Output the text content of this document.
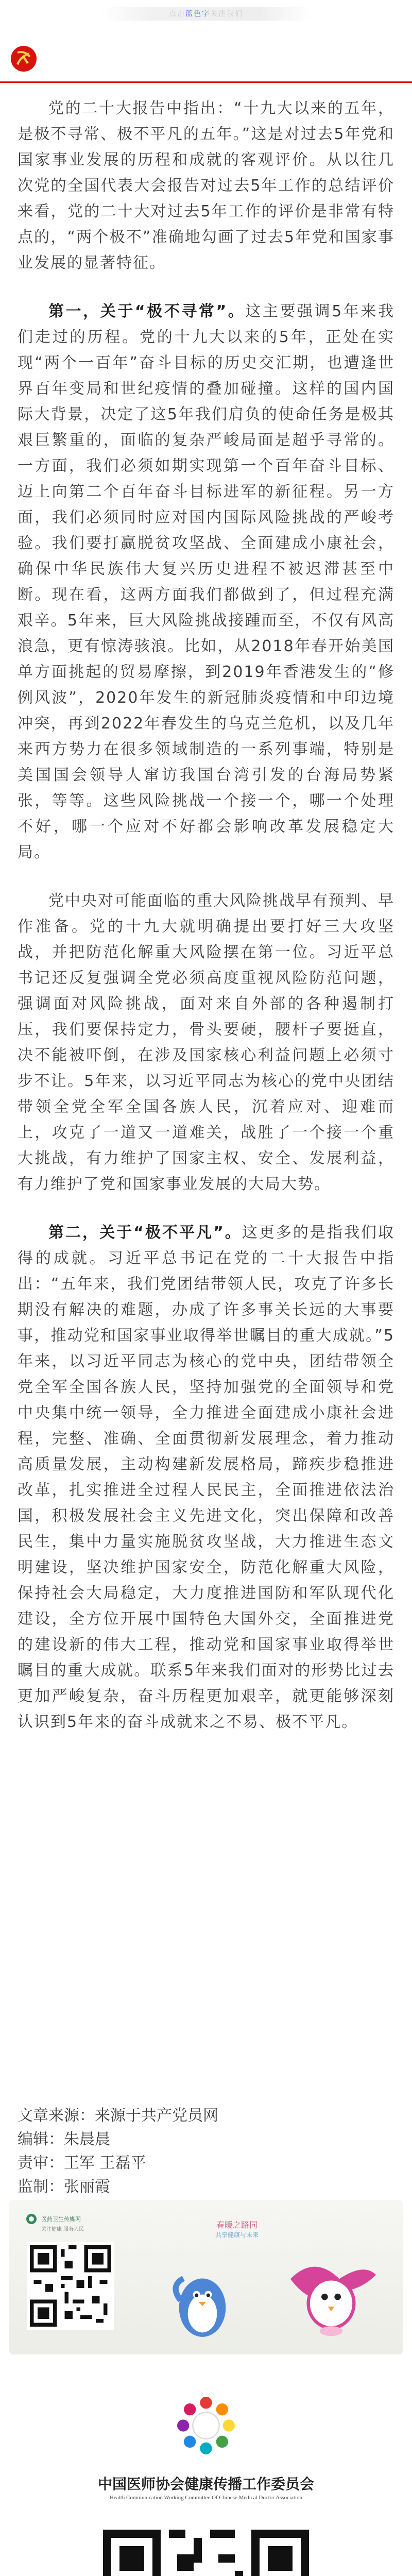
点击蓝色字关注我们

党的二十大报告中指出：“十九大以来的五年，是极不寻常、极不平凡的五年。”这是对过去5年党和国家事业发展的历程和成就的客观评价。从以往几次党的全国代表大会报告对过去5年工作的总结评价来看，党的二十大对过去5年工作的评价是非常有特点的，“两个极不”准确地勾画了过去5年党和国家事业发展的显著特征。

第一，关于“极不寻常”。这主要强调5年来我们走过的历程。党的十九大以来的5年，正处在实现“两个一百年”奋斗目标的历史交汇期，也遭逢世界百年变局和世纪疫情的叠加碰撞。这样的国内国际大背景，决定了这5年我们肩负的使命任务是极其艰巨繁重的，面临的复杂严峻局面是超乎寻常的。一方面，我们必须如期实现第一个百年奋斗目标、迈上向第二个百年奋斗目标进军的新征程。另一方面，我们必须同时应对国内国际风险挑战的严峻考验。我们要打赢脱贫攻坚战、全面建成小康社会，确保中华民族伟大复兴历史进程不被迟滞甚至中断。现在看，这两方面我们都做到了，但过程充满艰辛。5年来，巨大风险挑战接踵而至，不仅有风高浪急，更有惊涛骇浪。比如，从2018年春开始美国单方面挑起的贸易摩擦，到2019年香港发生的“修例风波”，2020年发生的新冠肺炎疫情和中印边境冲突，再到2022年春发生的乌克兰危机，以及几年来西方势力在很多领域制造的一系列事端，特别是美国国会领导人窜访我国台湾引发的台海局势紧张，等等。这些风险挑战一个接一个，哪一个处理不好，哪一个应对不好都会影响改革发展稳定大局。

党中央对可能面临的重大风险挑战早有预判、早作准备。党的十九大就明确提出要打好三大攻坚战，并把防范化解重大风险摆在第一位。习近平总书记还反复强调全党必须高度重视风险防范问题，强调面对风险挑战，面对来自外部的各种遏制打压，我们要保持定力，骨头要硬，腰杆子要挺直，决不能被吓倒，在涉及国家核心利益问题上必须寸步不让。5年来，以习近平同志为核心的党中央团结带领全党全军全国各族人民，沉着应对、迎难而上，攻克了一道又一道难关，战胜了一个接一个重大挑战，有力维护了国家主权、安全、发展利益，有力维护了党和国家事业发展的大局大势。

第二，关于“极不平凡”。这更多的是指我们取得的成就。习近平总书记在党的二十大报告中指出：“五年来，我们党团结带领人民，攻克了许多长期没有解决的难题，办成了许多事关长远的大事要事，推动党和国家事业取得举世瞩目的重大成就。”5年来，以习近平同志为核心的党中央，团结带领全党全军全国各族人民，坚持加强党的全面领导和党中央集中统一领导，全力推进全面建成小康社会进程，完整、准确、全面贯彻新发展理念，着力推动高质量发展，主动构建新发展格局，蹄疾步稳推进改革，扎实推进全过程人民民主，全面推进依法治国，积极发展社会主义先进文化，突出保障和改善民生，集中力量实施脱贫攻坚战，大力推进生态文明建设，坚决维护国家安全，防范化解重大风险，保持社会大局稳定，大力度推进国防和军队现代化建设，全方位开展中国特色大国外交，全面推进党的建设新的伟大工程，推动党和国家事业取得举世瞩目的重大成就。联系5年来我们面对的形势比过去更加严峻复杂，奋斗历程更加艰辛，就更能够深刻认识到5年来的奋斗成就来之不易、极不平凡。

文章来源：来源于共产党员网
编辑：朱晨晨
责审：王军 王磊平
监制：张丽霞
医药卫生传媒网
关注健康 服务人民	春暖之路同
共享健康与未来
中国医师协会健康传播工作委员会
Health Communication Working Committee Of Chinese Medical Doctor Association
